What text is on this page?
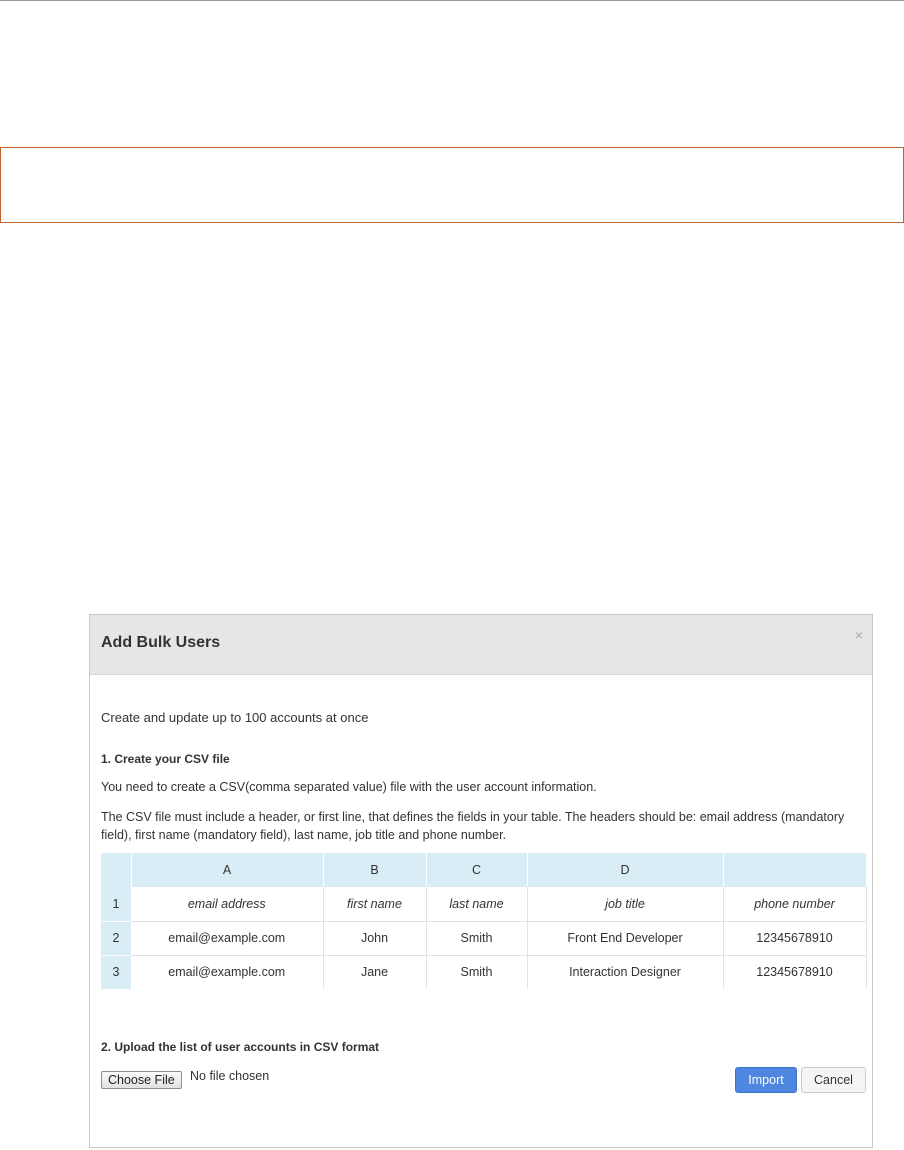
Add Bulk Users	×
Create and update up to 100 accounts at once
1. Create your CSV file
You need to create a CSV(comma separated value) file with the user account information.
The CSV file must include a header, or first line, that defines the fields in your table. The headers should be: email address (mandatory field), first name (mandatory field), last name, job title and phone number.
	A	B	C	D	
1	email address	first name	last name	job title	phone number
2	email@example.com	John	Smith	Front End Developer	12345678910
3	email@example.com	Jane	Smith	Interaction Designer	12345678910
2. Upload the list of user accounts in CSV format
Choose File	No file chosen	Import	Cancel
